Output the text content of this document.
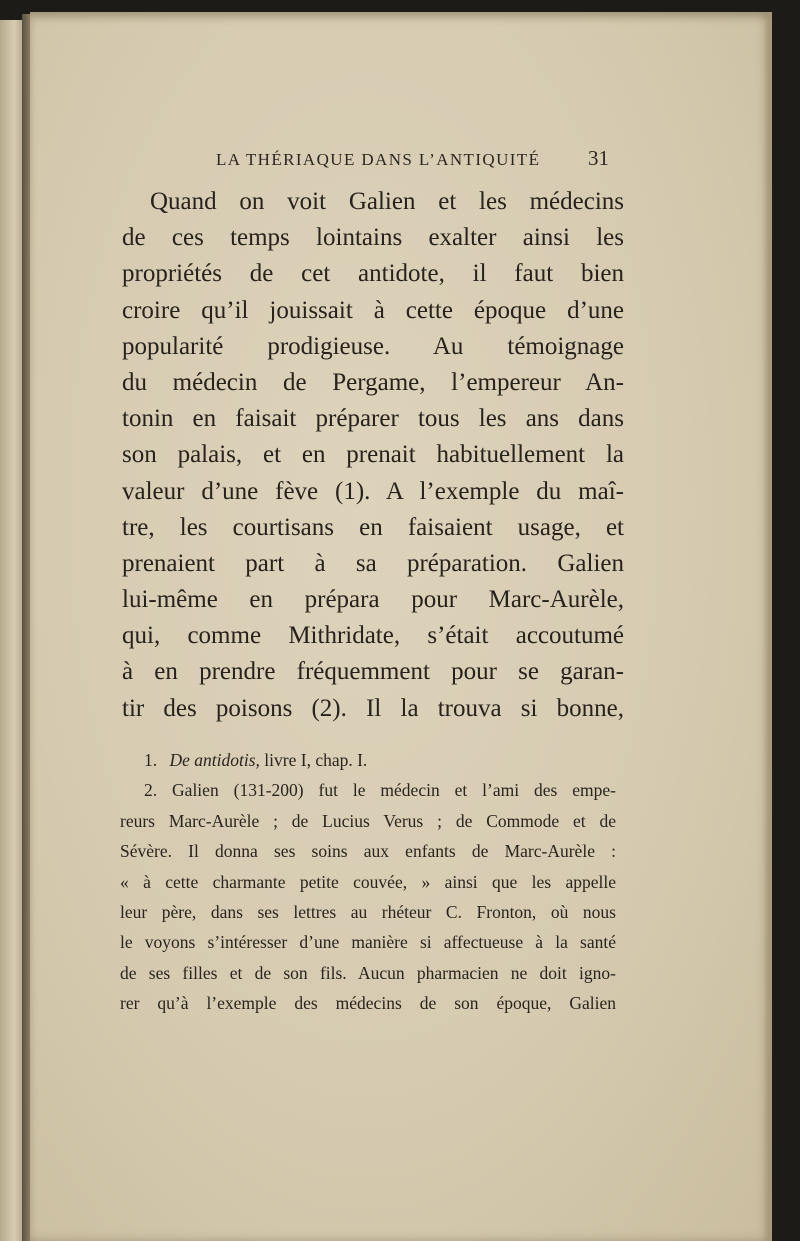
LA THÉRIAQUE DANS L’ANTIQUITÉ 31
Quand on voit Galien et les médecins
de ces temps lointains exalter ainsi les
propriétés de cet antidote, il faut bien
croire qu’il jouissait à cette époque d’une
popularité prodigieuse. Au témoignage
du médecin de Pergame, l’empereur An-
tonin en faisait préparer tous les ans dans
son palais, et en prenait habituellement la
valeur d’une fève (1). A l’exemple du maî-
tre, les courtisans en faisaient usage, et
prenaient part à sa préparation. Galien
lui-même en prépara pour Marc-Aurèle,
qui, comme Mithridate, s’était accoutumé
à en prendre fréquemment pour se garan-
tir des poisons (2). Il la trouva si bonne,
1. De antidotis, livre I, chap. I.
2. Galien (131-200) fut le médecin et l’ami des empe-
reurs Marc-Aurèle ; de Lucius Verus ; de Commode et de
Sévère. Il donna ses soins aux enfants de Marc-Aurèle :
« à cette charmante petite couvée, » ainsi que les appelle
leur père, dans ses lettres au rhéteur C. Fronton, où nous
le voyons s’intéresser d’une manière si affectueuse à la santé
de ses filles et de son fils. Aucun pharmacien ne doit igno-
rer qu’à l’exemple des médecins de son époque, Galien
